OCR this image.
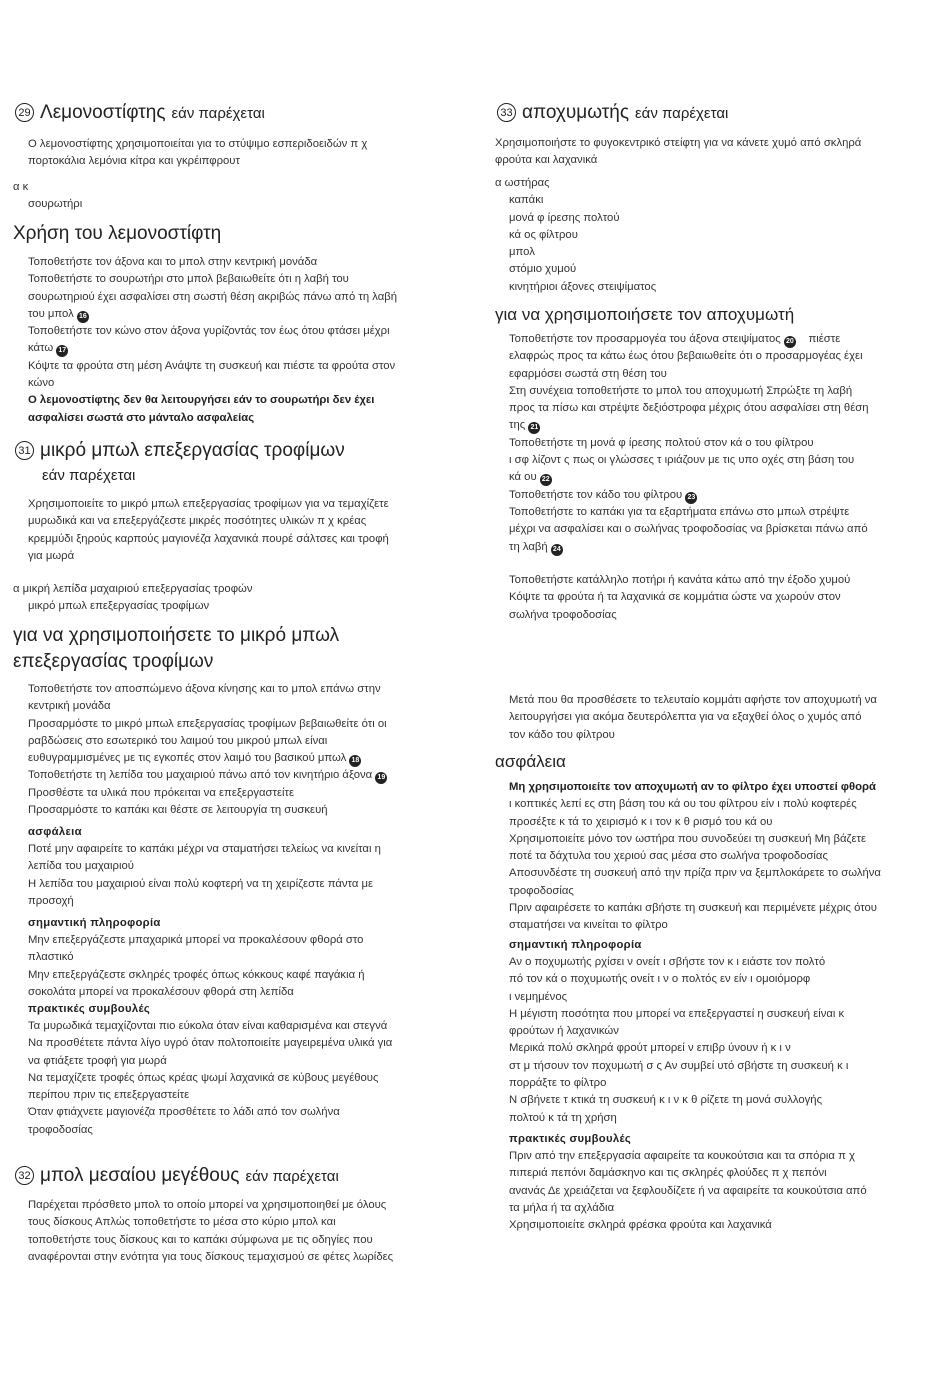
29 Λεμονοστίφτης εάν παρέχεται
Ο λεμονοστίφτης χρησιμοποιείται για το στύψιμο εσπεριδοειδών π χ
πορτοκάλια λεμόνια κίτρα και γκρέιπφρουτ
α κ
σουρωτήρι
Χρήση του λεμονοστίφτη
Τοποθετήστε τον άξονα και το μπολ στην κεντρική μονάδα
Τοποθετήστε το σουρωτήρι στο μπολ βεβαιωθείτε ότι η λαβή του
σουρωτηριού έχει ασφαλίσει στη σωστή θέση ακριβώς πάνω από τη λαβή
του μπολ 16
Τοποθετήστε τον κώνο στον άξονα γυρίζοντάς τον έως ότου φτάσει μέχρι
κάτω 17
Κόψτε τα φρούτα στη μέση Ανάψτε τη συσκευή και πιέστε τα φρούτα στον
κώνο
Ο λεμονοστίφτης δεν θα λειτουργήσει εάν το σουρωτήρι δεν έχει
ασφαλίσει σωστά στο μάνταλο ασφαλείας
31 μικρό μπωλ επεξεργασίας τροφίμων
εάν παρέχεται
Χρησιμοποιείτε το μικρό μπωλ επεξεργασίας τροφίμων για να τεμαχίζετε
μυρωδικά και να επεξεργάζεστε μικρές ποσότητες υλικών π χ κρέας
κρεμμύδι ξηρούς καρπούς μαγιονέζα λαχανικά πουρέ σάλτσες και τροφή
για μωρά
α μικρή λεπίδα μαχαιριού επεξεργασίας τροφών
μικρό μπωλ επεξεργασίας τροφίμων
για να χρησιμοποιήσετε το μικρό μπωλ
επεξεργασίας τροφίμων
Τοποθετήστε τον αποσπώμενο άξονα κίνησης και το μπολ επάνω στην
κεντρική μονάδα
Προσαρμόστε το μικρό μπωλ επεξεργασίας τροφίμων βεβαιωθείτε ότι οι
ραβδώσεις στο εσωτερικό του λαιμού του μικρού μπωλ είναι
ευθυγραμμισμένες με τις εγκοπές στον λαιμό του βασικού μπωλ 18
Τοποθετήστε τη λεπίδα του μαχαιριού πάνω από τον κινητήριο άξονα 19
Προσθέστε τα υλικά που πρόκειται να επεξεργαστείτε
Προσαρμόστε το καπάκι και θέστε σε λειτουργία τη συσκευή
ασφάλεια
Ποτέ μην αφαιρείτε το καπάκι μέχρι να σταματήσει τελείως να κινείται η
λεπίδα του μαχαιριού
Η λεπίδα του μαχαιριού είναι πολύ κοφτερή να τη χειρίζεστε πάντα με
προσοχή
σημαντική πληροφορία
Μην επεξεργάζεστε μπαχαρικά μπορεί να προκαλέσουν φθορά στο
πλαστικό
Μην επεξεργάζεστε σκληρές τροφές όπως κόκκους καφέ παγάκια ή
σοκολάτα μπορεί να προκαλέσουν φθορά στη λεπίδα
πρακτικές συμβουλές
Τα μυρωδικά τεμαχίζονται πιο εύκολα όταν είναι καθαρισμένα και στεγνά
Να προσθέτετε πάντα λίγο υγρό όταν πολτοποιείτε μαγειρεμένα υλικά για
να φτιάξετε τροφή για μωρά
Να τεμαχίζετε τροφές όπως κρέας ψωμί λαχανικά σε κύβους μεγέθους
περίπου πριν τις επεξεργαστείτε
Όταν φτιάχνετε μαγιονέζα προσθέτετε το λάδι από τον σωλήνα
τροφοδοσίας
32 μπολ μεσαίου μεγέθους εάν παρέχεται
Παρέχεται πρόσθετο μπολ το οποίο μπορεί να χρησιμοποιηθεί με όλους
τους δίσκους Απλώς τοποθετήστε το μέσα στο κύριο μπολ και
τοποθετήστε τους δίσκους και το καπάκι σύμφωνα με τις οδηγίες που
αναφέρονται στην ενότητα για τους δίσκους τεμαχισμού σε φέτες λωρίδες
33 αποχυμωτής εάν παρέχεται
Χρησιμοποιήστε το φυγοκεντρικό στείφτη για να κάνετε χυμό από σκληρά
φρούτα και λαχανικά
α ωστήρας
καπάκι
μονά φ ίρεσης πολτού
κά ος φίλτρου
μπολ
στόμιο χυμού
κινητήριοι άξονες στειψίματος
για να χρησιμοποιήσετε τον αποχυμωτή
Τοποθετήστε τον προσαρμογέα του άξονα στειψίματος 20 πιέστε
ελαφρώς προς τα κάτω έως ότου βεβαιωθείτε ότι ο προσαρμογέας έχει
εφαρμόσει σωστά στη θέση του
Στη συνέχεια τοποθετήστε το μπολ του αποχυμωτή Σπρώξτε τη λαβή
προς τα πίσω και στρέψτε δεξιόστροφα μέχρις ότου ασφαλίσει στη θέση
της 21
Τοποθετήστε τη μονά φ ίρεσης πολτού στον κά ο του φίλτρου
ι σφ λίζοντ ς πως οι γλώσσες τ ιριάζουν με τις υπο οχές στη βάση του
κά ου 22
Τοποθετήστε τον κάδο του φίλτρου 23
Τοποθετήστε το καπάκι για τα εξαρτήματα επάνω στο μπωλ στρέψτε
μέχρι να ασφαλίσει και ο σωλήνας τροφοδοσίας να βρίσκεται πάνω από
τη λαβή 24
Τοποθετήστε κατάλληλο ποτήρι ή κανάτα κάτω από την έξοδο χυμού
Κόψτε τα φρούτα ή τα λαχανικά σε κομμάτια ώστε να χωρούν στον
σωλήνα τροφοδοσίας
Μετά που θα προσθέσετε το τελευταίο κομμάτι αφήστε τον αποχυμωτή να
λειτουργήσει για ακόμα δευτερόλεπτα για να εξαχθεί όλος ο χυμός από
τον κάδο του φίλτρου
ασφάλεια
Μη χρησιμοποιείτε τον αποχυμωτή αν το φίλτρο έχει υποστεί φθορά
ι κοπτικές λεπί ες στη βάση του κά ου του φίλτρου είν ι πολύ κοφτερές
προσέξτε κ τά το χειρισμό κ ι τον κ θ ρισμό του κά ου
Χρησιμοποιείτε μόνο τον ωστήρα που συνοδεύει τη συσκευή Μη βάζετε
ποτέ τα δάχτυλα του χεριού σας μέσα στο σωλήνα τροφοδοσίας
Αποσυνδέστε τη συσκευή από την πρίζα πριν να ξεμπλοκάρετε το σωλήνα
τροφοδοσίας
Πριν αφαιρέσετε το καπάκι σβήστε τη συσκευή και περιμένετε μέχρις ότου
σταματήσει να κινείται το φίλτρο
σημαντική πληροφορία
Αν ο ποχυμωτής ρχίσει ν ονείτ ι σβήστε τον κ ι ειάστε τον πολτό
πό τον κά ο ποχυμωτής ονείτ ι ν ο πολτός εν είν ι ομοιόμορφ
ι νεμημένος
Η μέγιστη ποσότητα που μπορεί να επεξεργαστεί η συσκευή είναι κ
φρούτων ή λαχανικών
Μερικά πολύ σκληρά φρούτ μπορεί ν επιβρ ύνουν ή κ ι ν
στ μ τήσουν τον ποχυμωτή σ ς Αν συμβεί υτό σβήστε τη συσκευή κ ι
πορράξτε το φίλτρο
Ν σβήνετε τ κτικά τη συσκευή κ ι ν κ θ ρίζετε τη μονά συλλογής
πολτού κ τά τη χρήση
πρακτικές συμβουλές
Πριν από την επεξεργασία αφαιρείτε τα κουκούτσια και τα σπόρια π χ
πιπεριά πεπόνι δαμάσκηνο και τις σκληρές φλούδες π χ πεπόνι
ανανάς Δε χρειάζεται να ξεφλουδίζετε ή να αφαιρείτε τα κουκούτσια από
τα μήλα ή τα αχλάδια
Χρησιμοποιείτε σκληρά φρέσκα φρούτα και λαχανικά
